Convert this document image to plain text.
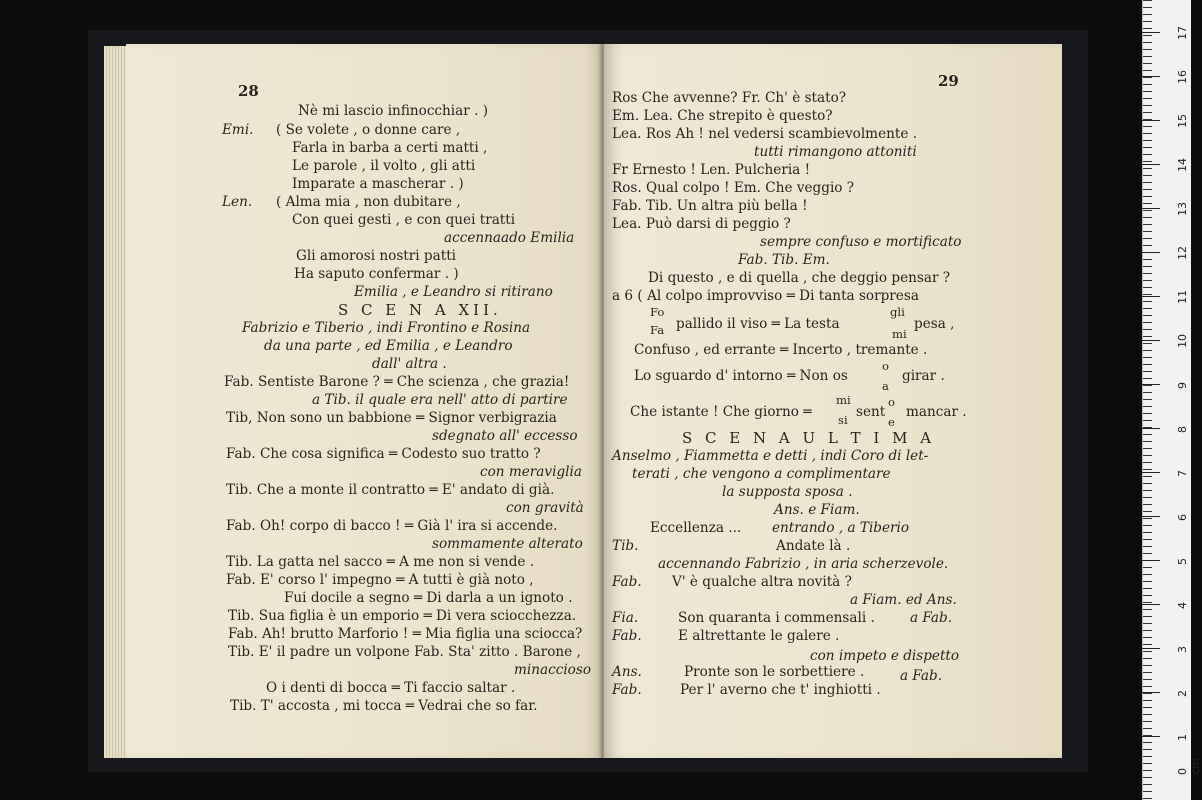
28
Nè mi lascio infinocchiar . )
Emi. ( Se volete , o donne care ,
Farla in barba a certi matti ,
Le parole , il volto , gli atti
Imparate a mascherar . )
Len. ( Alma mia , non dubitare ,
Con quei gesti , e con quei tratti
accennaado Emilia
Gli amorosi nostri patti
Ha saputo confermar . )
Emilia , e Leandro si ritirano
S C E N A XII.
Fabrizio e Tiberio , indi Frontino e Rosina
da una parte , ed Emilia , e Leandro
dall' altra .
Fab. Sentiste Barone ? ═ Che scienza , che grazia!
a Tib. il quale era nell' atto di partire
Tib, Non sono un babbione ═ Signor verbigrazia
sdegnato all' eccesso
Fab. Che cosa significa ═ Codesto suo tratto ?
con meraviglia
Tib. Che a monte il contratto ═ E' andato di già.
con gravità
Fab. Oh! corpo di bacco ! ═ Già l' ira si accende.
sommamente alterato
Tib. La gatta nel sacco ═ A me non si vende .
Fab. E' corso l' impegno ═ A tutti è già noto ,
Fui docile a segno ═ Di darla a un ignoto .
Tib. Sua figlia è un emporio ═ Di vera sciocchezza.
Fab. Ah! brutto Marforio ! ═ Mia figlia una sciocca?
Tib. E' il padre un volpone Fab. Sta' zitto . Barone ,
minaccioso
O i denti di bocca ═ Ti faccio saltar .
Tib. T' accosta , mi tocca ═ Vedrai che so far.
29
Ros Che avvenne? Fr. Ch' è stato?
Em. Lea. Che strepito è questo?
Lea. Ros Ah ! nel vedersi scambievolmente .
tutti rimangono attoniti
Fr Ernesto ! Len. Pulcheria !
Ros. Qual colpo ! Em. Che veggio ?
Fab. Tib. Un altra più bella !
Lea. Può darsi di peggio ?
sempre confuso e mortificato
Fab. Tib. Em.
Di questo , e di quella , che deggio pensar ?
a 6 ( Al colpo improvviso ═ Di tanta sorpresa
Fo
Fa pallido il viso ═ La testa
gli
mi
pesa ,
Confuso , ed errante ═ Incerto , tremante .
Lo sguardo d' intorno ═ Non os
o
a
girar .
Che istante ! Che giorno ═
mi
si sent
o
e
mancar .
S C E N A U L T I M A
Anselmo , Fiammetta e detti , indi Coro di let-
terati , che vengono a complimentare
la supposta sposa .
Ans. e Fiam.
Eccellenza ... entrando , a Tiberio
Tib.	Andate là .
accennando Fabrizio , in aria scherzevole.
Fab. V' è qualche altra novità ?
a Fiam. ed Ans.
Fia.	Son quaranta i commensali .	a Fab.
Fab.	E altrettante le galere .
con impeto e dispetto
Ans.	Pronte son le sorbettiere .	a Fab.
Fab.	Per l' averno che t' inghiotti .
0 cm
1
2
3
4
5
6
7
8
9
10
11
12
13
14
15
16
17
